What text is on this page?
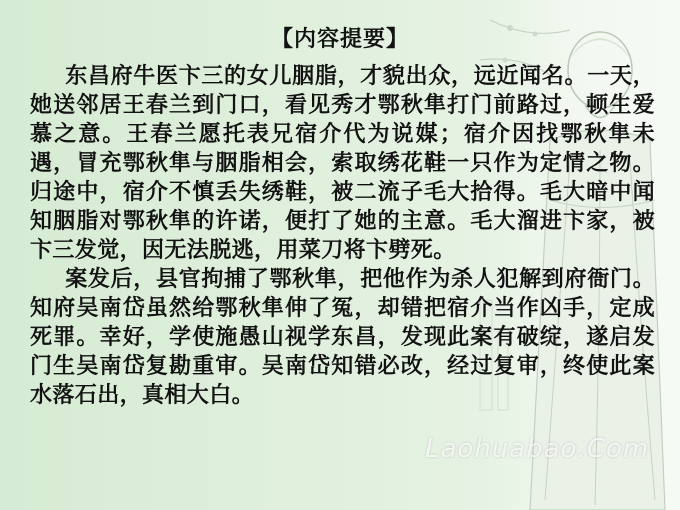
【内容提要】

东昌府牛医卞三的女儿胭脂，才貌出众，远近闻名。一天，她送邻居王春兰到门口，看见秀才鄂秋隼打门前路过，顿生爱慕之意。王春兰愿托表兄宿介代为说媒；宿介因找鄂秋隼未遇，冒充鄂秋隼与胭脂相会，索取绣花鞋一只作为定情之物。归途中，宿介不慎丢失绣鞋，被二流子毛大拾得。毛大暗中闻知胭脂对鄂秋隼的许诺，便打了她的主意。毛大溜进卞家，被卞三发觉，因无法脱逃，用菜刀将卞劈死。

案发后，县官拘捕了鄂秋隼，把他作为杀人犯解到府衙门。知府吴南岱虽然给鄂秋隼伸了冤，却错把宿介当作凶手，定成死罪。幸好，学使施愚山视学东昌，发现此案有破绽，遂启发门生吴南岱复勘重审。吴南岱知错必改，经过复审，终使此案水落石出，真相大白。

Laohuabao.Com
